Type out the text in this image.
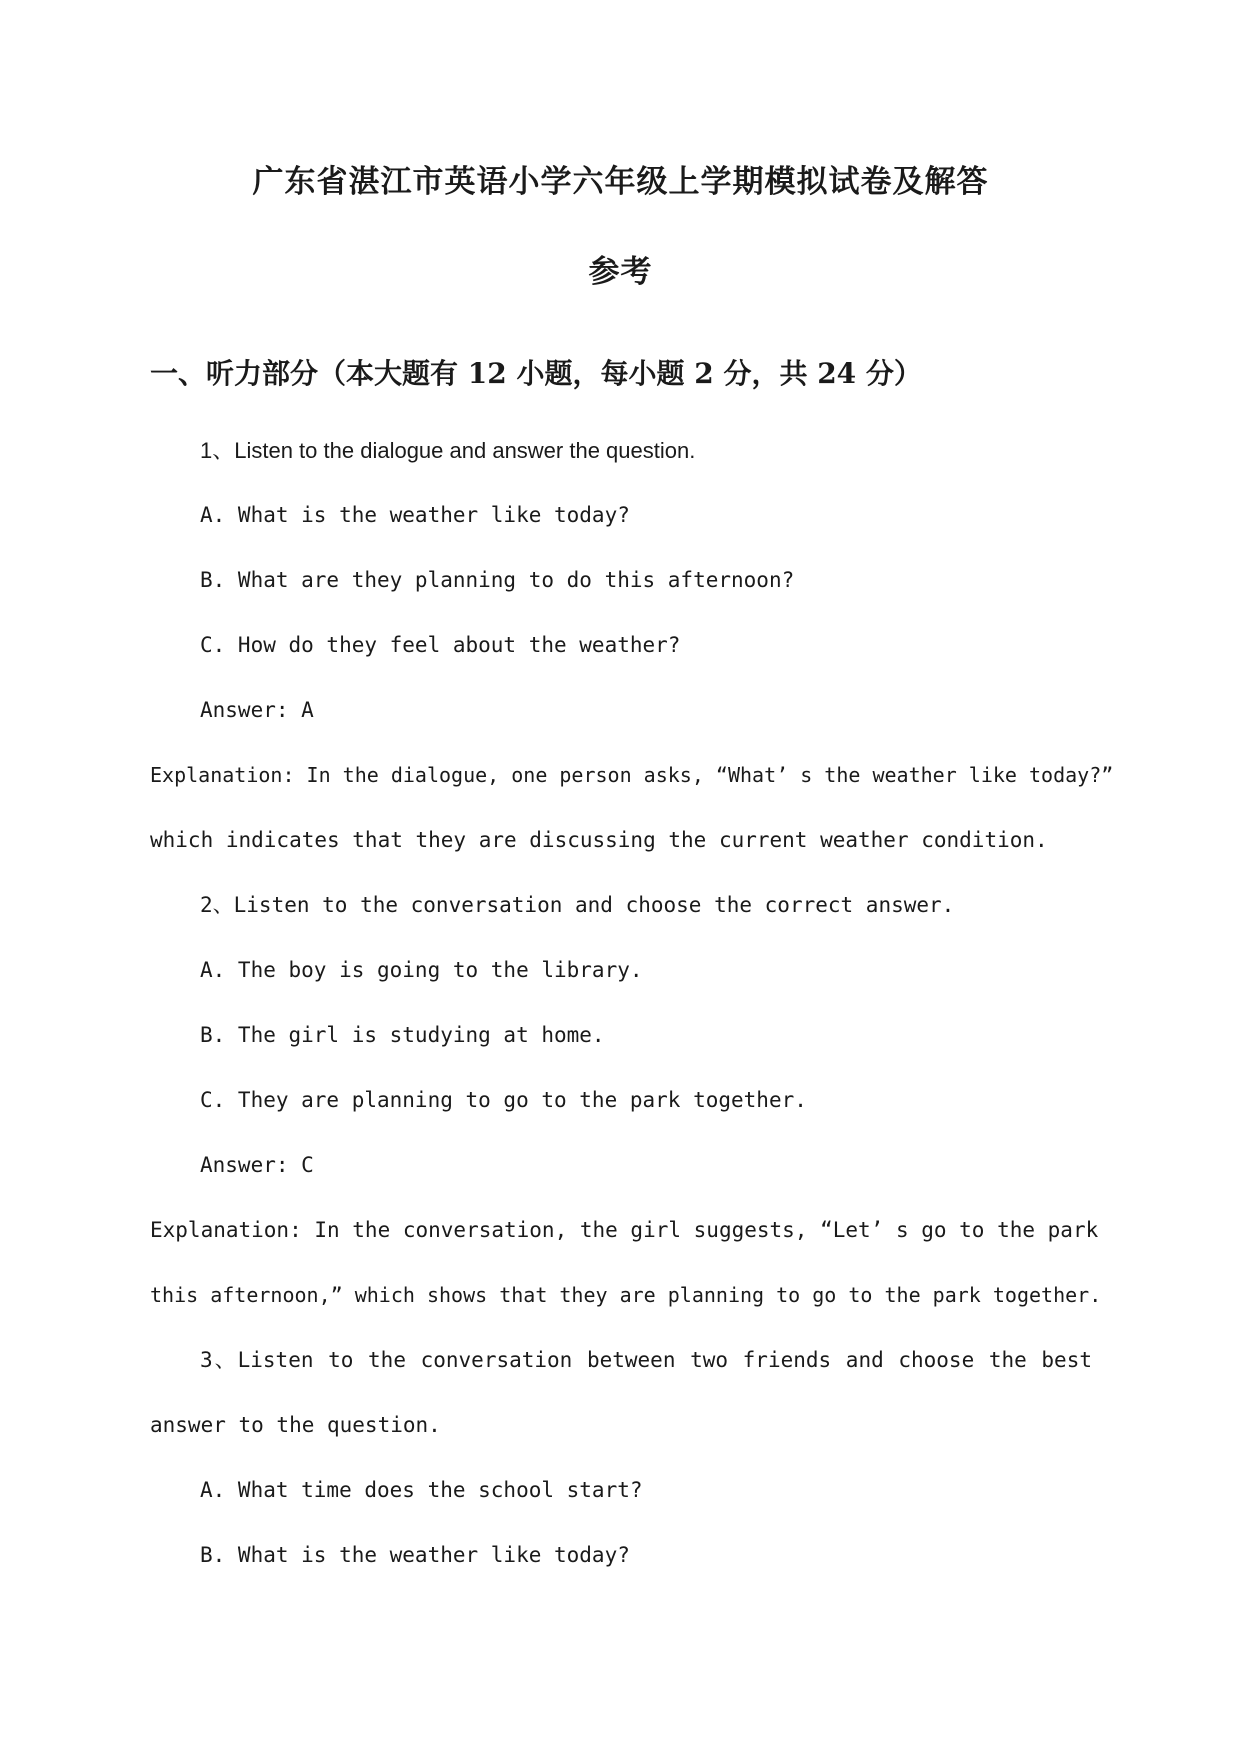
广东省湛江市英语小学六年级上学期模拟试卷及解答
参考
一、听力部分（本大题有 12 小题，每小题 2 分，共 24 分）

1、Listen to the dialogue and answer the question.

A. What is the weather like today?

B. What are they planning to do this afternoon?

C. How do they feel about the weather?

Answer: A

Explanation: In the dialogue, one person asks, “What’ s the weather like today?”

which indicates that they are discussing the current weather condition.

2、Listen to the conversation and choose the correct answer.

A. The boy is going to the library.

B. The girl is studying at home.

C. They are planning to go to the park together.

Answer: C

Explanation: In the conversation, the girl suggests, “Let’ s go to the park

this afternoon,” which shows that they are planning to go to the park together.

3、Listen to the conversation between two friends and choose the best

answer to the question.

A. What time does the school start?

B. What is the weather like today?
